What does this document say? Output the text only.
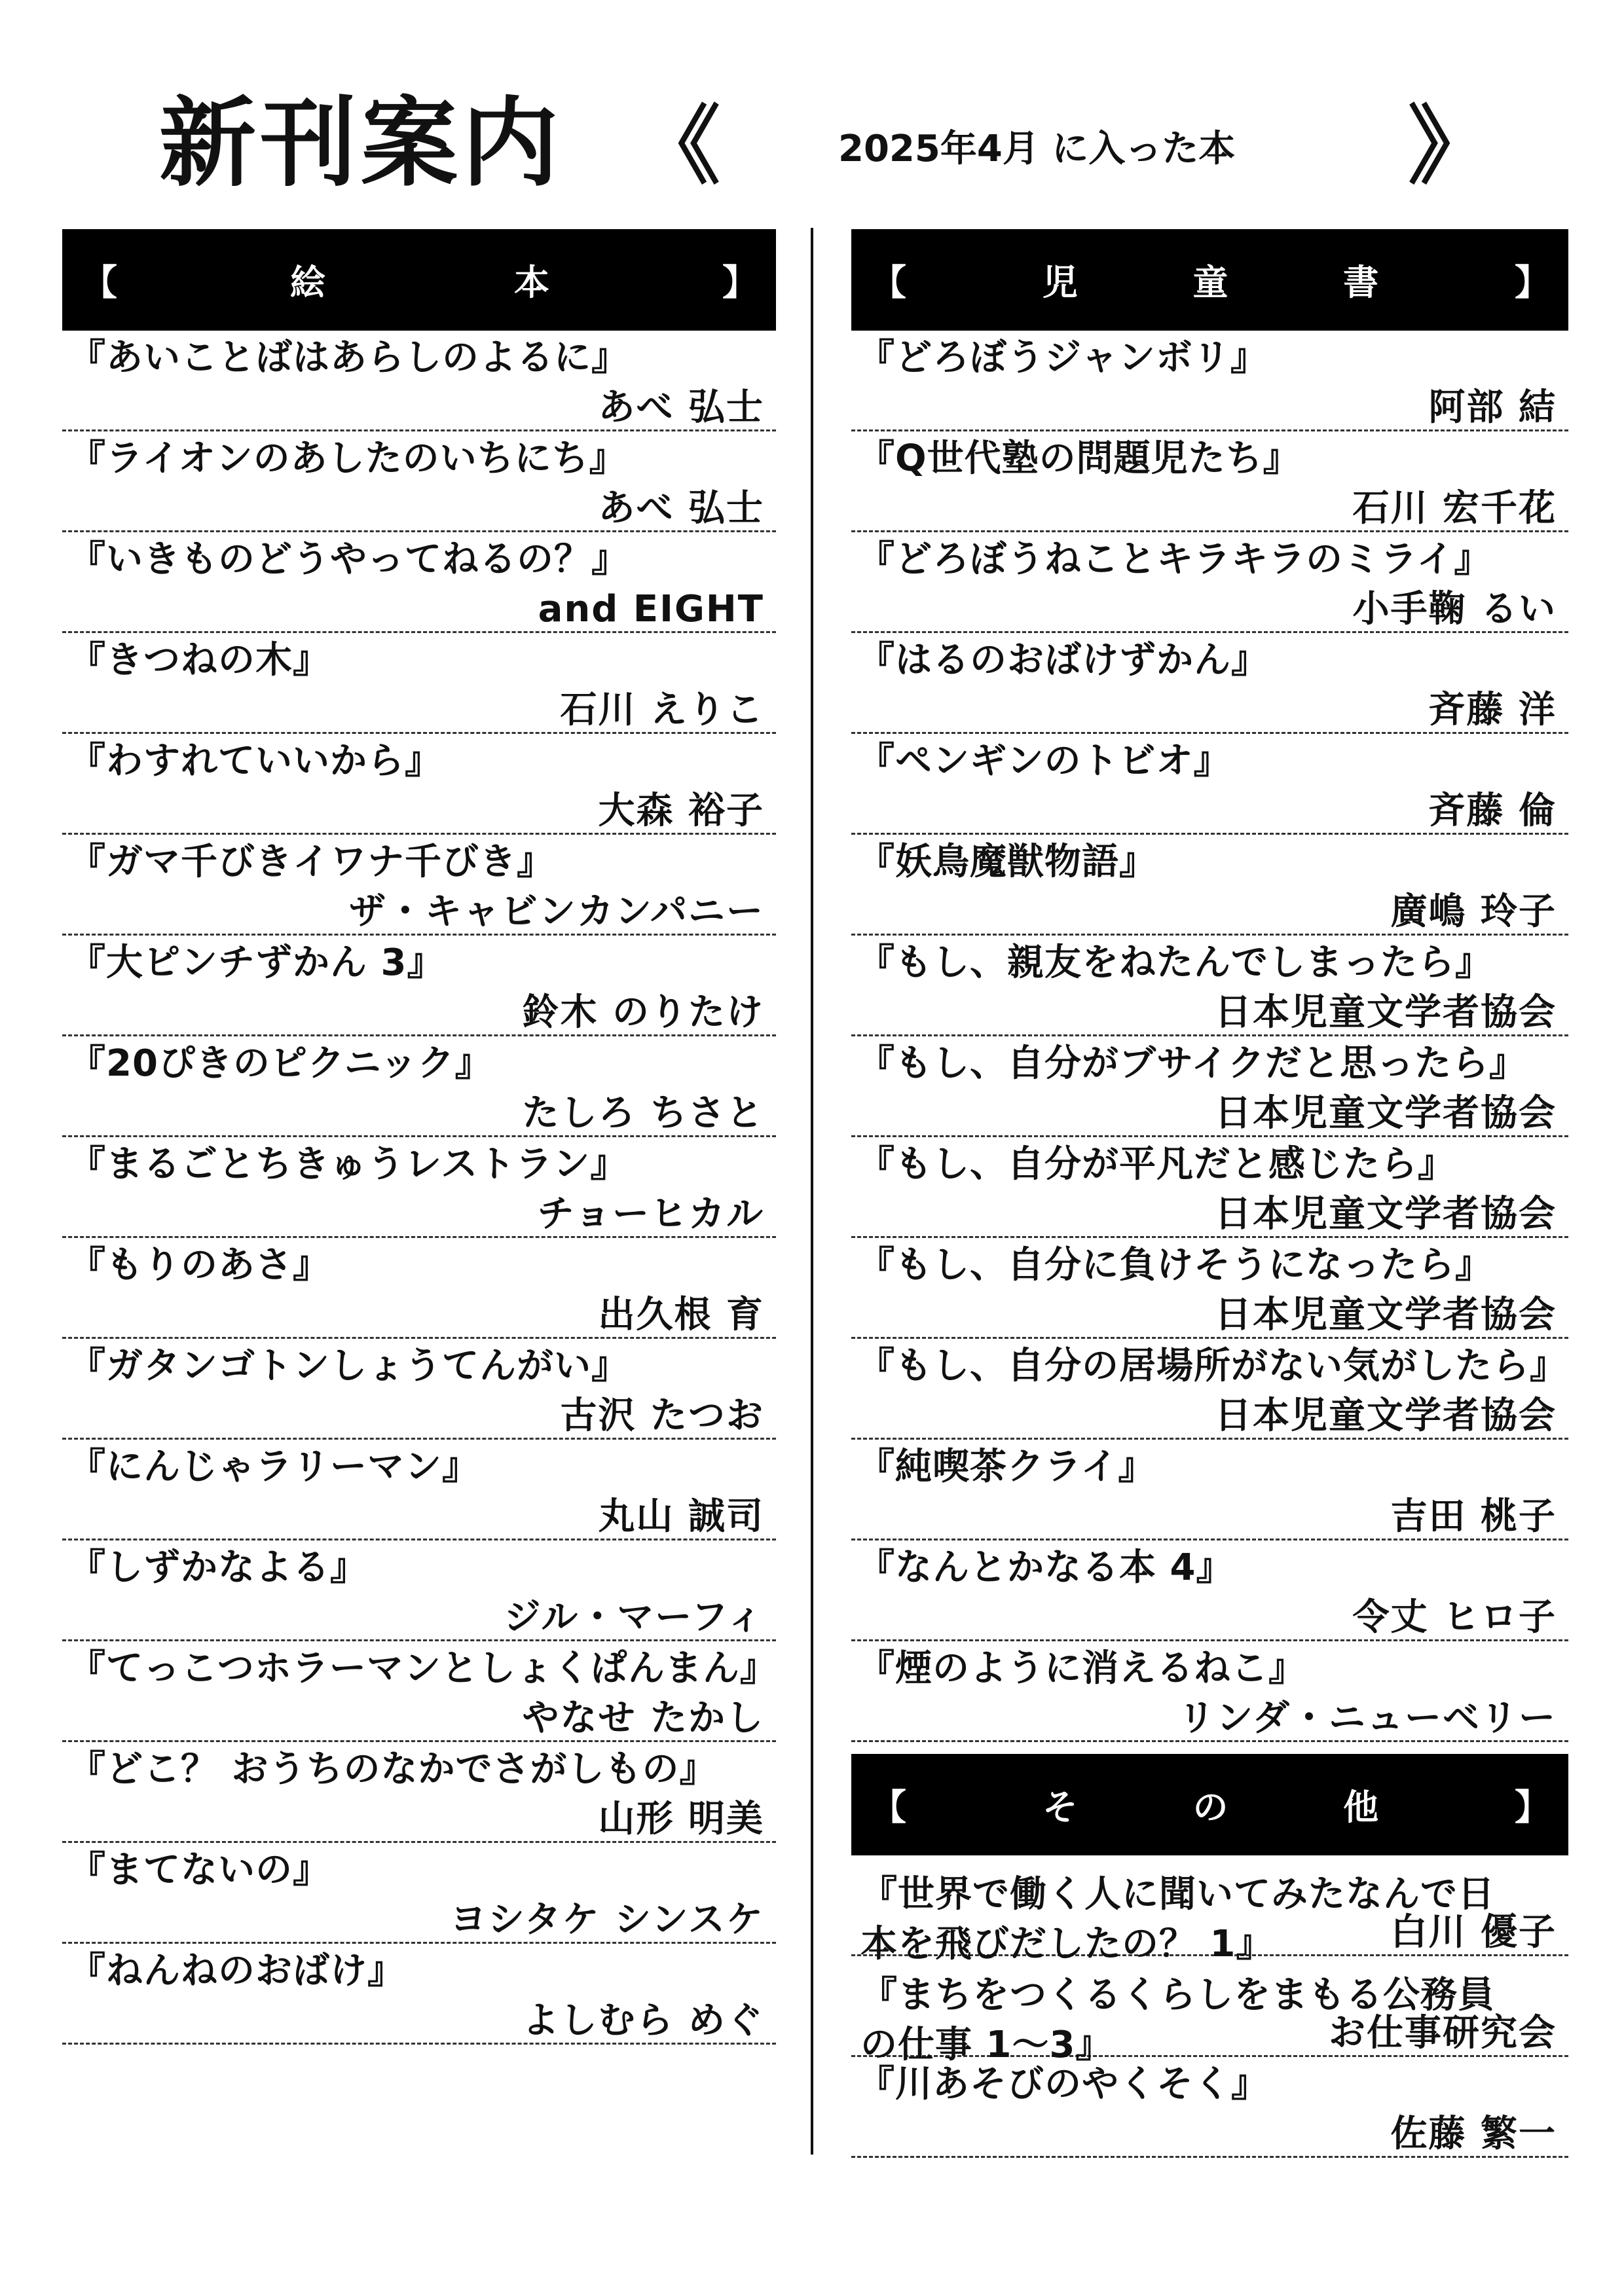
新刊案内 《	2025年4月 に入った本 》
【	絵	本	】
『あいことばはあらしのよるに』
あべ 弘士
『ライオンのあしたのいちにち』
あべ 弘士
『いきものどうやってねるの？』
and EIGHT
『きつねの木』
石川 えりこ
『わすれていいから』
大森 裕子
『ガマ千びきイワナ千びき』
ザ・キャビンカンパニー
『大ピンチずかん 3』
鈴木 のりたけ
『20ぴきのピクニック』
たしろ ちさと
『まるごとちきゅうレストラン』
チョーヒカル
『もりのあさ』
出久根 育
『ガタンゴトンしょうてんがい』
古沢 たつお
『にんじゃラリーマン』
丸山 誠司
『しずかなよる』
ジル・マーフィ
『てっこつホラーマンとしょくぱんまん』
やなせ たかし
『どこ？ おうちのなかでさがしもの』
山形 明美
『まてないの』
ヨシタケ シンスケ
『ねんねのおばけ』
よしむら めぐ
【	児	童	書	】
『どろぼうジャンボリ』
阿部 結
『Q世代塾の問題児たち』
石川 宏千花
『どろぼうねことキラキラのミライ』
小手鞠 るい
『はるのおばけずかん』
斉藤 洋
『ペンギンのトビオ』
斉藤 倫
『妖鳥魔獣物語』
廣嶋 玲子
『もし、親友をねたんでしまったら』
日本児童文学者協会
『もし、自分がブサイクだと思ったら』
日本児童文学者協会
『もし、自分が平凡だと感じたら』
日本児童文学者協会
『もし、自分に負けそうになったら』
日本児童文学者協会
『もし、自分の居場所がない気がしたら』
日本児童文学者協会
『純喫茶クライ』
吉田 桃子
『なんとかなる本 4』
令丈 ヒロ子
『煙のように消えるねこ』
リンダ・ニューベリー
【	そ	の	他	】
『世界で働く人に聞いてみたなんで日本を飛びだしたの？ 1』	白川 優子
『まちをつくるくらしをまもる公務員の仕事 1～3』	お仕事研究会
『川あそびのやくそく』
佐藤 繁一
